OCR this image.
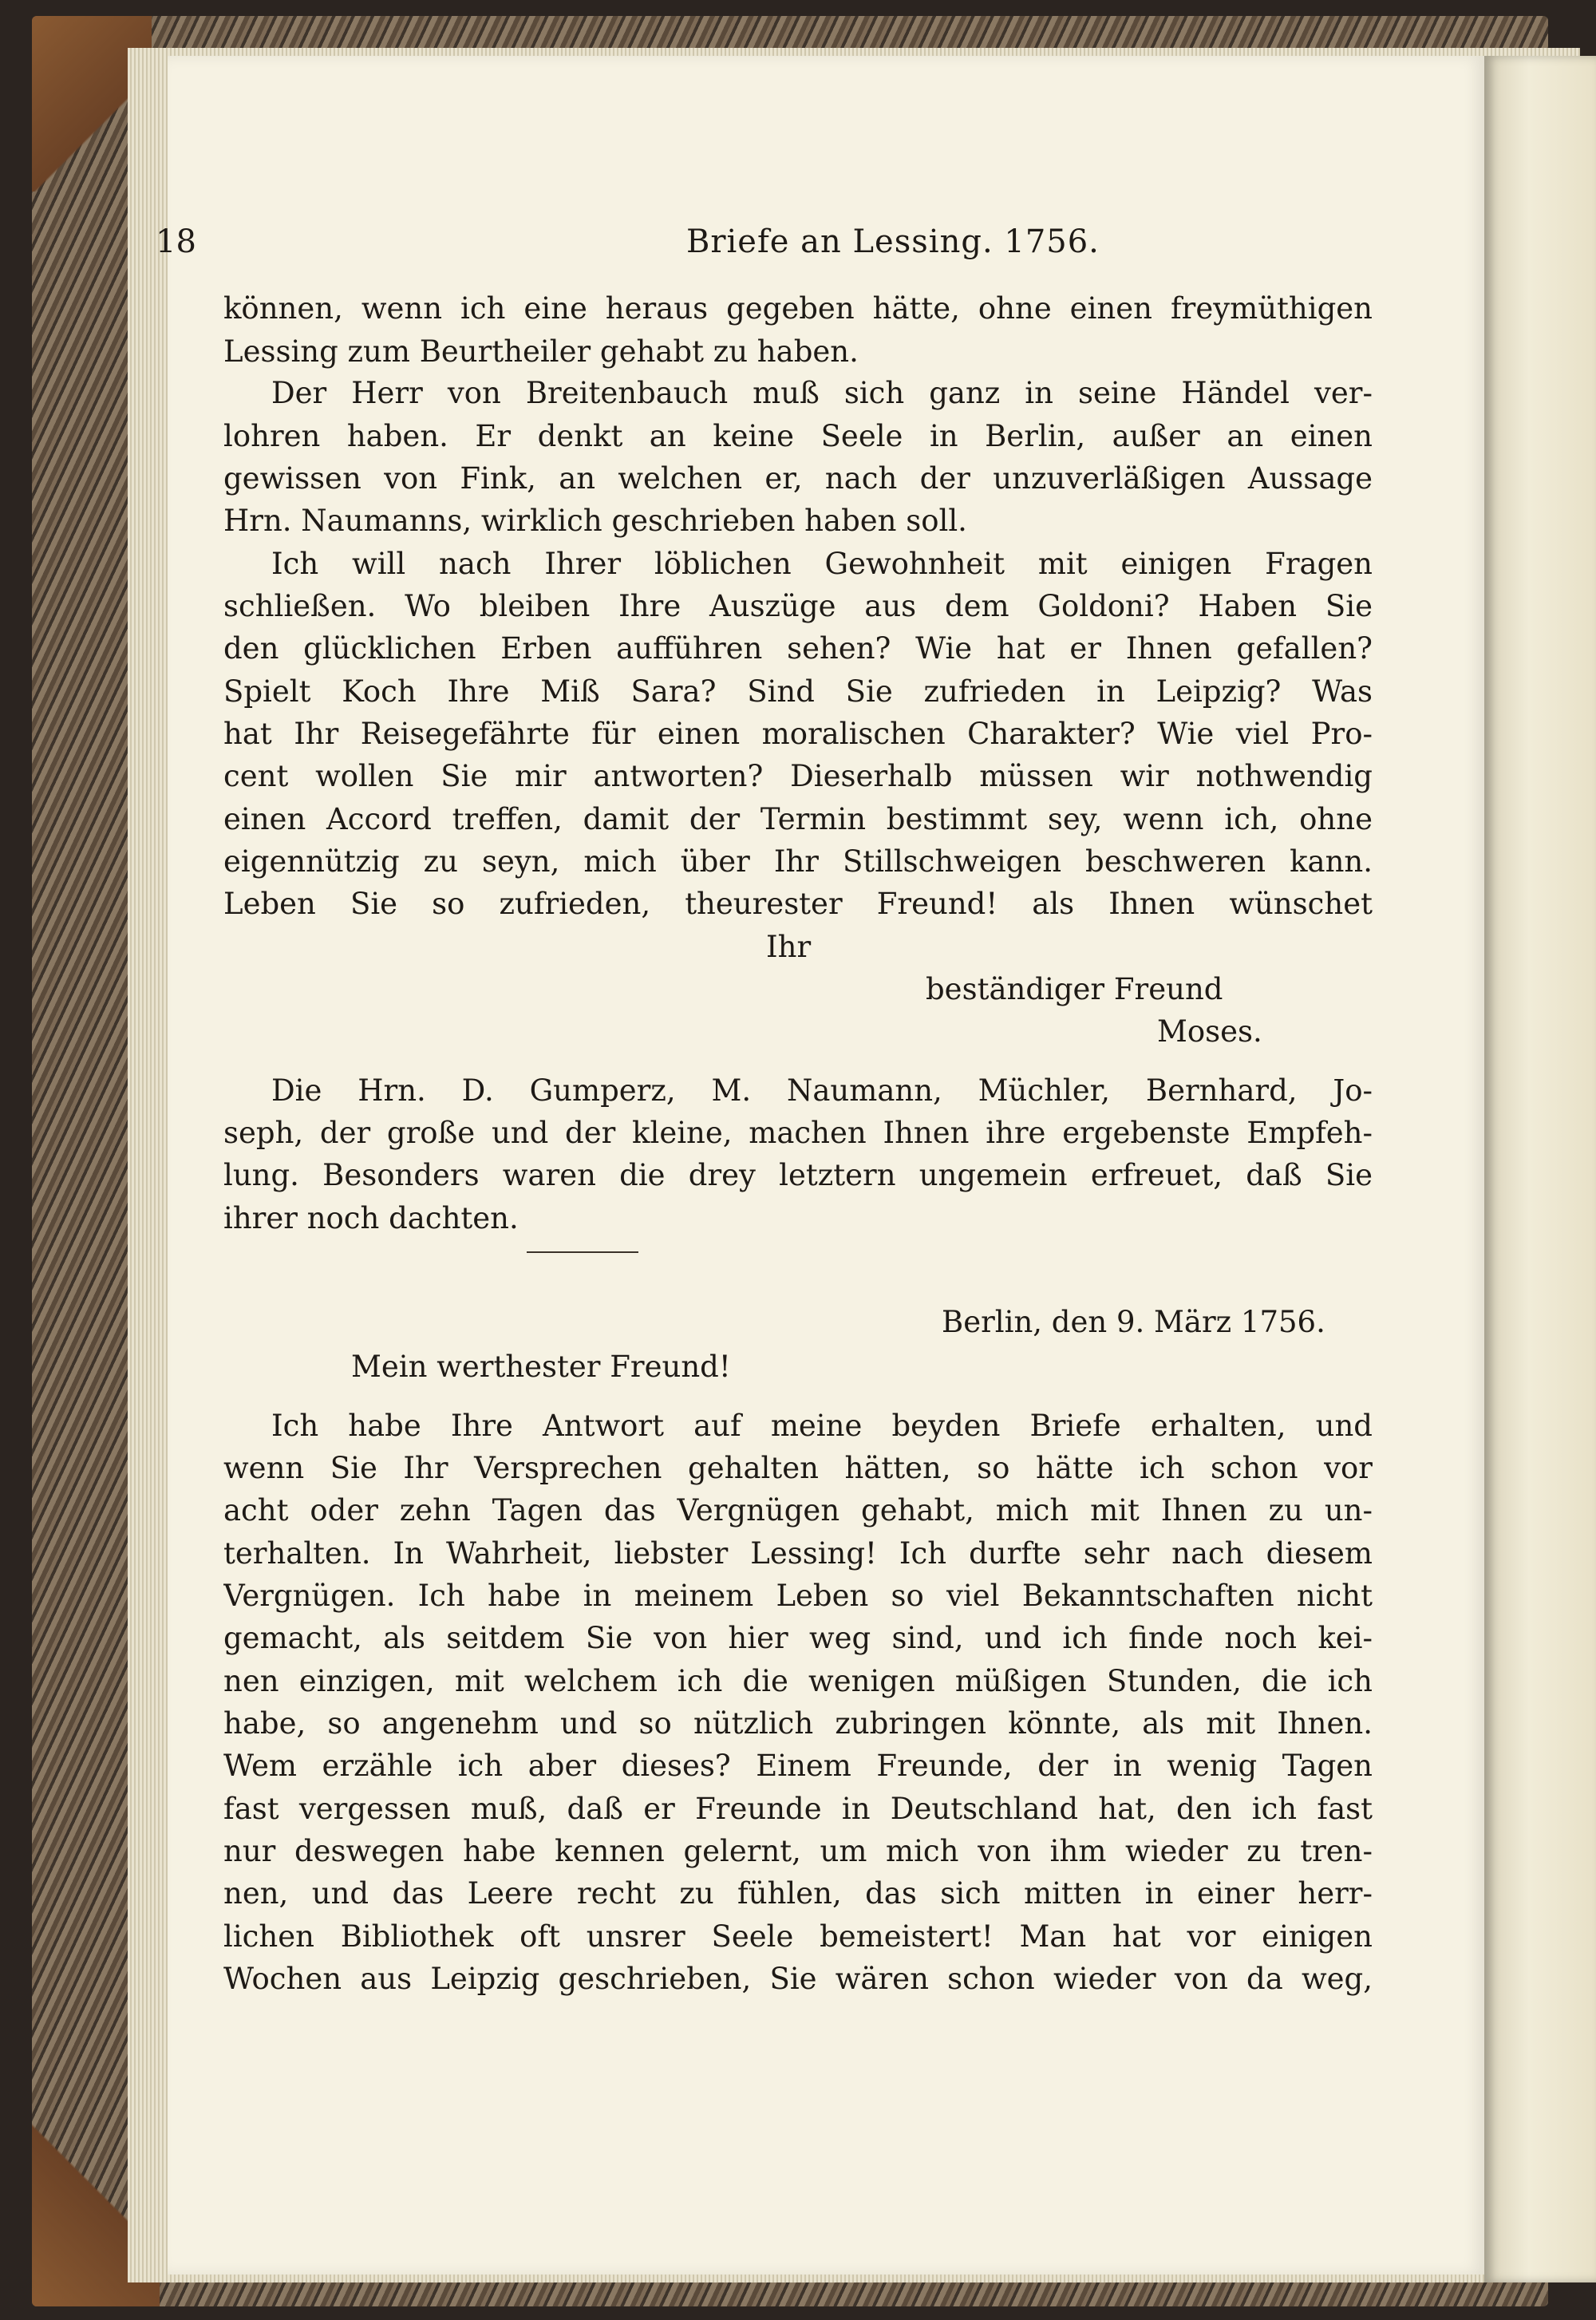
18	Briefe an Lessing. 1756.
können, wenn ich eine heraus gegeben hätte, ohne einen freymüthigen
Lessing zum Beurtheiler gehabt zu haben.
Der Herr von Breitenbauch muß sich ganz in seine Händel ver-
lohren haben. Er denkt an keine Seele in Berlin, außer an einen
gewissen von Fink, an welchen er, nach der unzuverläßigen Aussage
Hrn. Naumanns, wirklich geschrieben haben soll.
Ich will nach Ihrer löblichen Gewohnheit mit einigen Fragen
schließen. Wo bleiben Ihre Auszüge aus dem Goldoni? Haben Sie
den glücklichen Erben aufführen sehen? Wie hat er Ihnen gefallen?
Spielt Koch Ihre Miß Sara? Sind Sie zufrieden in Leipzig? Was
hat Ihr Reisegefährte für einen moralischen Charakter? Wie viel Pro-
cent wollen Sie mir antworten? Dieserhalb müssen wir nothwendig
einen Accord treffen, damit der Termin bestimmt sey, wenn ich, ohne
eigennützig zu seyn, mich über Ihr Stillschweigen beschweren kann.
Leben Sie so zufrieden, theurester Freund! als Ihnen wünschet
Ihr
beständiger Freund
Moses.
Die Hrn. D. Gumperz, M. Naumann, Müchler, Bernhard, Jo-
seph, der große und der kleine, machen Ihnen ihre ergebenste Empfeh-
lung. Besonders waren die drey letztern ungemein erfreuet, daß Sie
ihrer noch dachten.
Berlin, den 9. März 1756.
Mein werthester Freund!
Ich habe Ihre Antwort auf meine beyden Briefe erhalten, und
wenn Sie Ihr Versprechen gehalten hätten, so hätte ich schon vor
acht oder zehn Tagen das Vergnügen gehabt, mich mit Ihnen zu un-
terhalten. In Wahrheit, liebster Lessing! Ich durfte sehr nach diesem
Vergnügen. Ich habe in meinem Leben so viel Bekanntschaften nicht
gemacht, als seitdem Sie von hier weg sind, und ich finde noch kei-
nen einzigen, mit welchem ich die wenigen müßigen Stunden, die ich
habe, so angenehm und so nützlich zubringen könnte, als mit Ihnen.
Wem erzähle ich aber dieses? Einem Freunde, der in wenig Tagen
fast vergessen muß, daß er Freunde in Deutschland hat, den ich fast
nur deswegen habe kennen gelernt, um mich von ihm wieder zu tren-
nen, und das Leere recht zu fühlen, das sich mitten in einer herr-
lichen Bibliothek oft unsrer Seele bemeistert! Man hat vor einigen
Wochen aus Leipzig geschrieben, Sie wären schon wieder von da weg,
